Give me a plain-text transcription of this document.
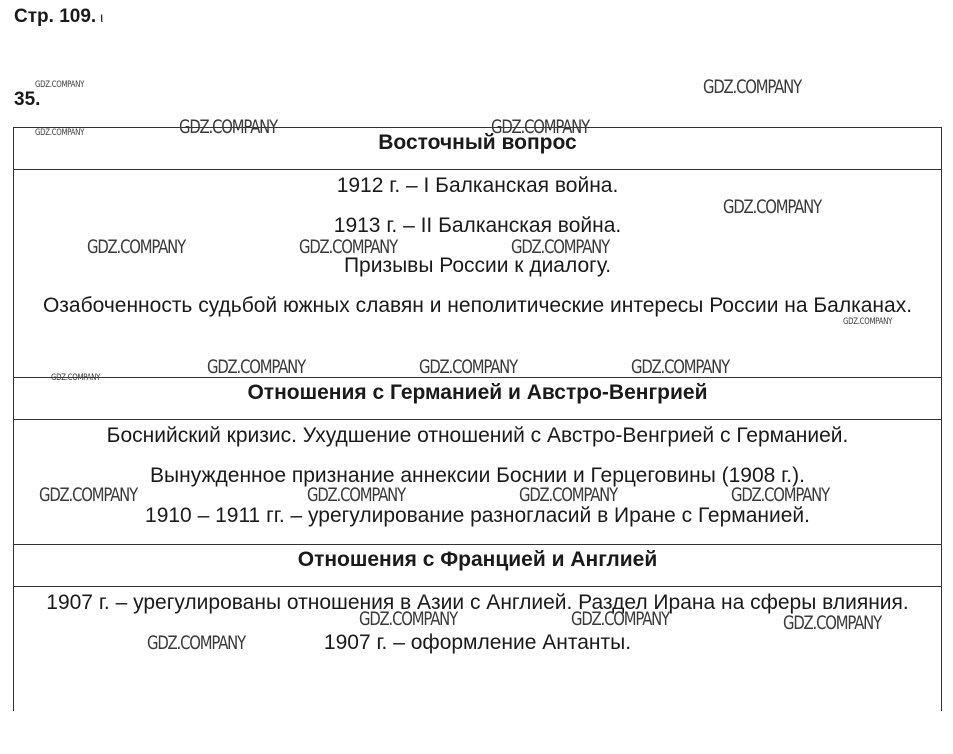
Стр. 109. ι
35.
Восточный вопрос

1912 г. – I Балканская война.

1913 г. – II Балканская война.

Призывы России к диалогу.

Озабоченность судьбой южных славян и неполитические интересы России на Балканах.

Отношения с Германией и Австро-Венгрией

Боснийский кризис. Ухудшение отношений с Австро-Венгрией с Германией.

Вынужденное признание аннексии Боснии и Герцеговины (1908 г.).

1910 – 1911 гг. – урегулирование разногласий в Иране с Германией.

Отношения с Францией и Англией

1907 г. – урегулированы отношения в Азии с Англией. Раздел Ирана на сферы влияния.

1907 г. – оформление Антанты.

GDZ.COMPANY
GDZ.COMPANY
GDZ.COMPANY	GDZ.COMPANY	GDZ.COMPANY
GDZ.COMPANY
GDZ.COMPANY	GDZ.COMPANY	GDZ.COMPANY
GDZ.COMPANY
GDZ.COMPANY	GDZ.COMPANY	GDZ.COMPANY
GDZ.COMPANY
GDZ.COMPANY	GDZ.COMPANY	GDZ.COMPANY	GDZ.COMPANY
GDZ.COMPANY	GDZ.COMPANY	GDZ.COMPANY
GDZ.COMPANY
